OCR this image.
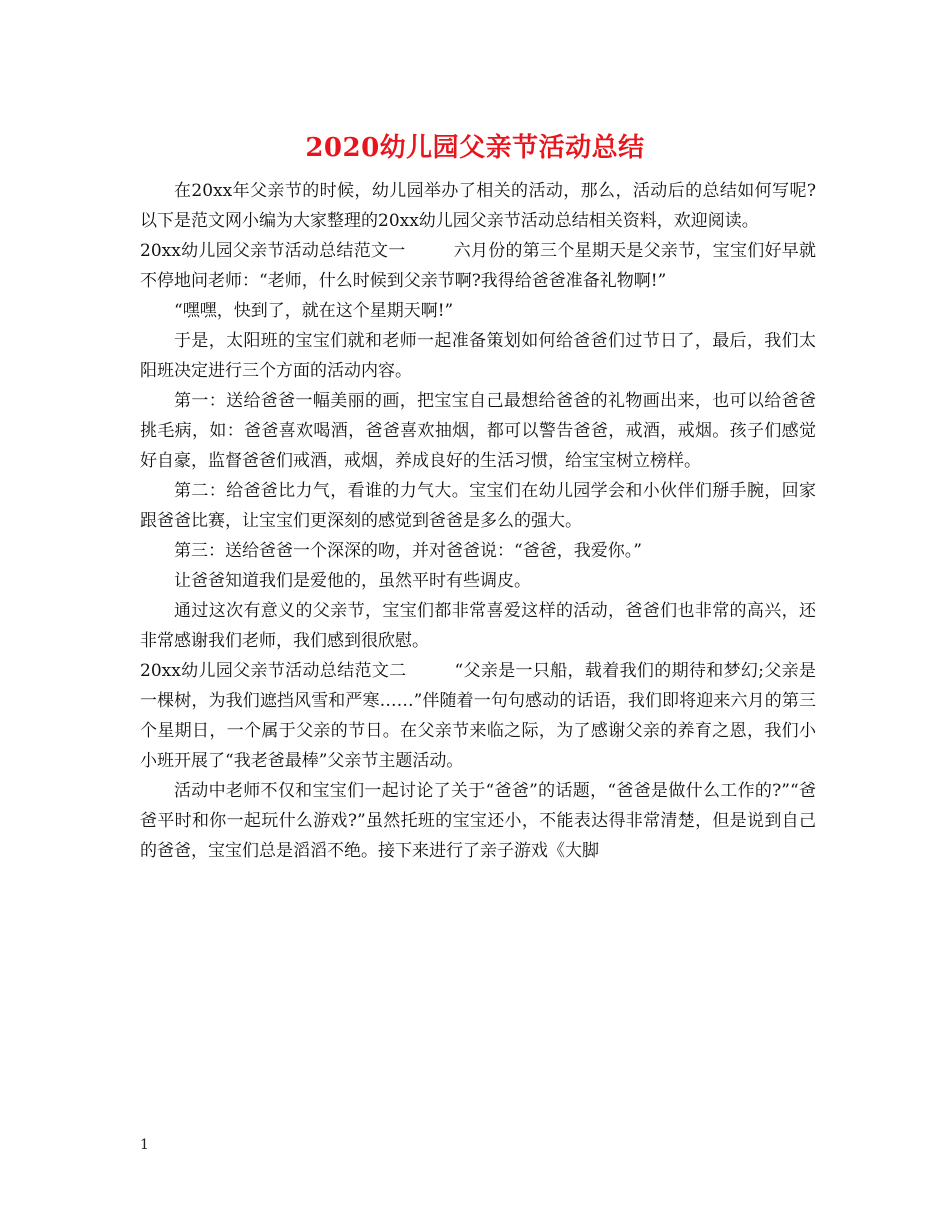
2020幼儿园父亲节活动总结

在20xx年父亲节的时候，幼儿园举办了相关的活动，那么，活动后的总结如何写呢?以下是范文网小编为大家整理的20xx幼儿园父亲节活动总结相关资料，欢迎阅读。

20xx幼儿园父亲节活动总结范文一	六月份的第三个星期天是父亲节，宝宝们好早就不停地问老师：“老师，什么时候到父亲节啊?我得给爸爸准备礼物啊!”

“嘿嘿，快到了，就在这个星期天啊!”

于是，太阳班的宝宝们就和老师一起准备策划如何给爸爸们过节日了，最后，我们太阳班决定进行三个方面的活动内容。

第一：送给爸爸一幅美丽的画，把宝宝自己最想给爸爸的礼物画出来，也可以给爸爸挑毛病，如：爸爸喜欢喝酒，爸爸喜欢抽烟，都可以警告爸爸，戒酒，戒烟。孩子们感觉好自豪，监督爸爸们戒酒，戒烟，养成良好的生活习惯，给宝宝树立榜样。

第二：给爸爸比力气，看谁的力气大。宝宝们在幼儿园学会和小伙伴们掰手腕，回家跟爸爸比赛，让宝宝们更深刻的感觉到爸爸是多么的强大。

第三：送给爸爸一个深深的吻，并对爸爸说：“爸爸，我爱你。”

让爸爸知道我们是爱他的，虽然平时有些调皮。

通过这次有意义的父亲节，宝宝们都非常喜爱这样的活动，爸爸们也非常的高兴，还非常感谢我们老师，我们感到很欣慰。

20xx幼儿园父亲节活动总结范文二	“父亲是一只船，载着我们的期待和梦幻;父亲是一棵树，为我们遮挡风雪和严寒……”伴随着一句句感动的话语，我们即将迎来六月的第三个星期日，一个属于父亲的节日。在父亲节来临之际，为了感谢父亲的养育之恩，我们小小班开展了“我老爸最棒”父亲节主题活动。

活动中老师不仅和宝宝们一起讨论了关于“爸爸”的话题，“爸爸是做什么工作的?”“爸爸平时和你一起玩什么游戏?”虽然托班的宝宝还小，不能表达得非常清楚，但是说到自己的爸爸，宝宝们总是滔滔不绝。接下来进行了亲子游戏《大脚

1
